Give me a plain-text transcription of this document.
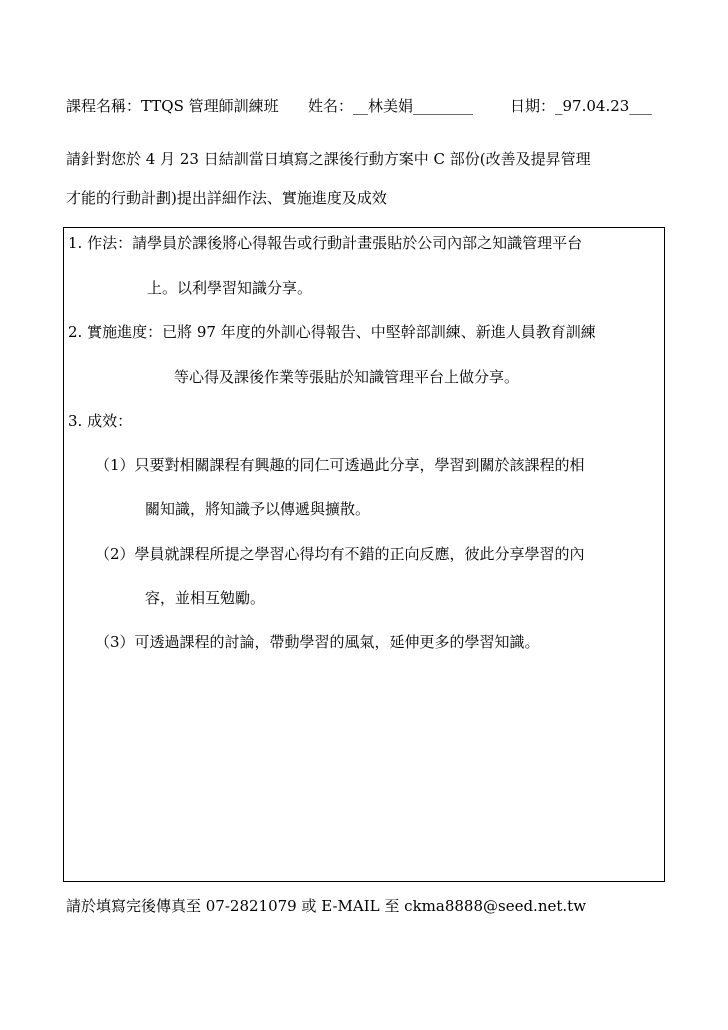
課程名稱：TTQS 管理師訓練班 姓名：__林美娟________ 日期：_97.04.23___
請針對您於 4 月 23 日結訓當日填寫之課後行動方案中 C 部份(改善及提昇管理
才能的行動計劃)提出詳細作法、實施進度及成效
1. 作法：請學員於課後將心得報告或行動計畫張貼於公司內部之知識管理平台
上。以利學習知識分享。
2. 實施進度：已將 97 年度的外訓心得報告、中堅幹部訓練、新進人員教育訓練
等心得及課後作業等張貼於知識管理平台上做分享。
3. 成效：
（1）只要對相關課程有興趣的同仁可透過此分享，學習到關於該課程的相
關知識，將知識予以傳遞與擴散。
（2）學員就課程所提之學習心得均有不錯的正向反應，彼此分享學習的內
容，並相互勉勵。
（3）可透過課程的討論，帶動學習的風氣，延伸更多的學習知識。
請於填寫完後傳真至 07-2821079 或 E-MAIL 至 ckma8888@seed.net.tw
